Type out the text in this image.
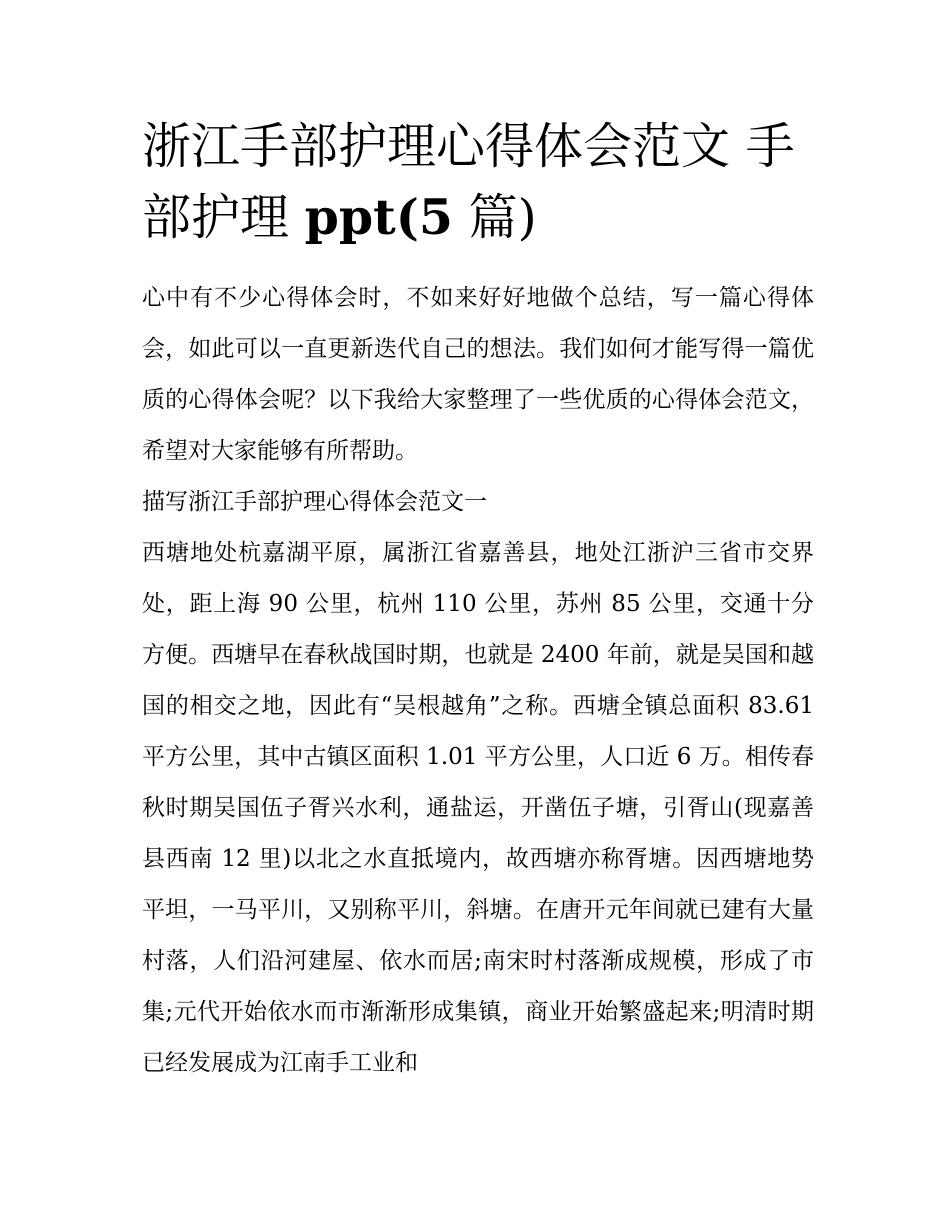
浙江手部护理心得体会范文 手部护理 ppt(5 篇)

心中有不少心得体会时，不如来好好地做个总结，写一篇心得体会，如此可以一直更新迭代自己的想法。我们如何才能写得一篇优质的心得体会呢？以下我给大家整理了一些优质的心得体会范文，希望对大家能够有所帮助。

描写浙江手部护理心得体会范文一

西塘地处杭嘉湖平原，属浙江省嘉善县，地处江浙沪三省市交界处，距上海 90 公里，杭州 110 公里，苏州 85 公里，交通十分方便。西塘早在春秋战国时期，也就是 2400 年前，就是吴国和越国的相交之地，因此有“吴根越角”之称。西塘全镇总面积 83.61 平方公里，其中古镇区面积 1.01 平方公里，人口近 6 万。相传春秋时期吴国伍子胥兴水利，通盐运，开凿伍子塘，引胥山(现嘉善县西南 12 里)以北之水直抵境内，故西塘亦称胥塘。因西塘地势平坦，一马平川，又别称平川，斜塘。在唐开元年间就已建有大量村落，人们沿河建屋、依水而居;南宋时村落渐成规模，形成了市集;元代开始依水而市渐渐形成集镇，商业开始繁盛起来;明清时期已经发展成为江南手工业和
